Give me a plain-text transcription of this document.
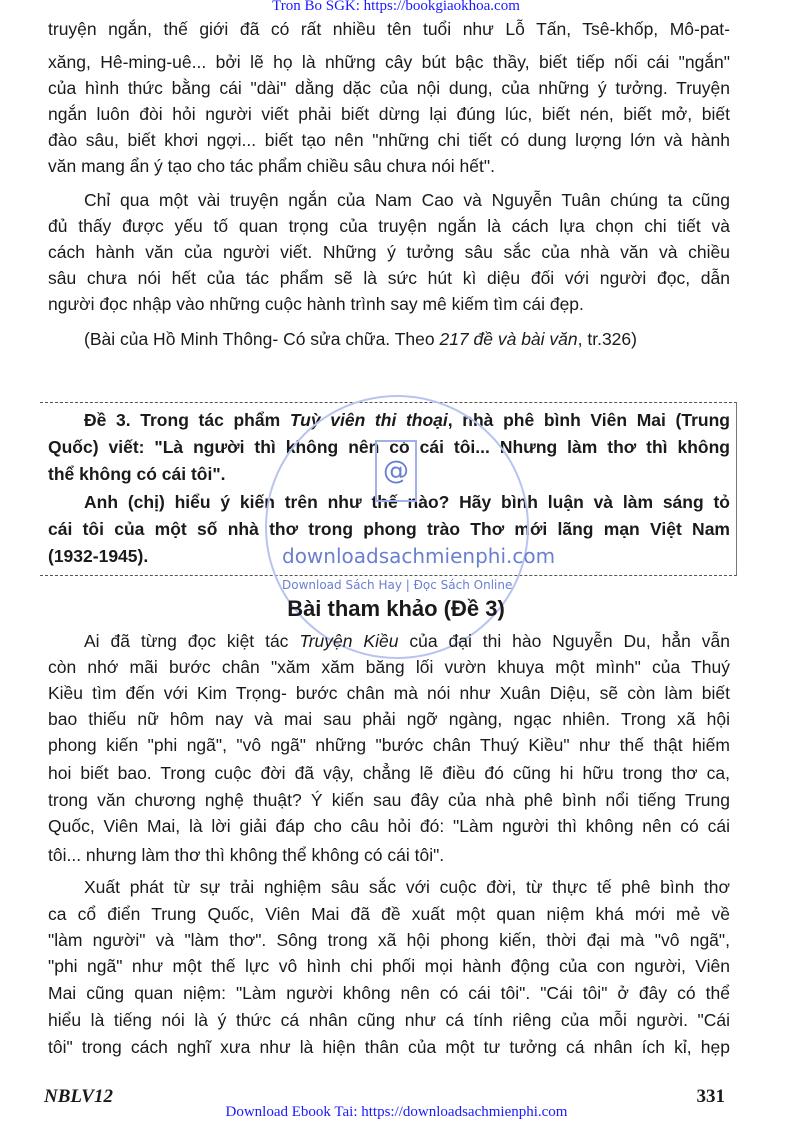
Tron Bo SGK: https://bookgiaokhoa.com
truyện ngắn, thế giới đã có rất nhiều tên tuổi như Lỗ Tấn, Tsê-khốp, Mô-pat-
xăng, Hê-ming-uê... bởi lẽ họ là những cây bút bậc thầy, biết tiếp nối cái "ngắn"
của hình thức bằng cái "dài" dằng dặc của nội dung, của những ý tưởng. Truyện
ngắn luôn đòi hỏi người viết phải biết dừng lại đúng lúc, biết nén, biết mở, biết
đào sâu, biết khơi ngợi... biết tạo nên "những chi tiết có dung lượng lớn và hành
văn mang ẩn ý tạo cho tác phẩm chiều sâu chưa nói hết".
Chỉ qua một vài truyện ngắn của Nam Cao và Nguyễn Tuân chúng ta cũng
đủ thấy được yếu tố quan trọng của truyện ngắn là cách lựa chọn chi tiết và
cách hành văn của người viết. Những ý tưởng sâu sắc của nhà văn và chiều
sâu chưa nói hết của tác phẩm sẽ là sức hút kì diệu đối với người đọc, dẫn
người đọc nhập vào những cuộc hành trình say mê kiếm tìm cái đẹp.
(Bài của Hồ Minh Thông- Có sửa chữa. Theo 217 đề và bài văn, tr.326)
Đề 3. Trong tác phẩm Tuỳ viên thi thoại, nhà phê bình Viên Mai (Trung
Quốc) viết: "Là người thì không nên có cái tôi... Nhưng làm thơ thì không
thể không có cái tôi".
Anh (chị) hiểu ý kiến trên như thế nào? Hãy bình luận và làm sáng tỏ
cái tôi của một số nhà thơ trong phong trào Thơ mới lãng mạn Việt Nam
(1932-1945).
@
downloadsachmienphi.com
Download Sách Hay | Đọc Sách Online
Bài tham khảo (Đề 3)
Ai đã từng đọc kiệt tác Truyện Kiều của đại thi hào Nguyễn Du, hẳn vẫn
còn nhớ mãi bước chân "xăm xăm băng lối vườn khuya một mình" của Thuý
Kiều tìm đến với Kim Trọng- bước chân mà nói như Xuân Diệu, sẽ còn làm biết
bao thiếu nữ hôm nay và mai sau phải ngỡ ngàng, ngạc nhiên. Trong xã hội
phong kiến "phi ngã", "vô ngã" những "bước chân Thuý Kiều" như thế thật hiếm
hoi biết bao. Trong cuộc đời đã vậy, chẳng lẽ điều đó cũng hi hữu trong thơ ca,
trong văn chương nghệ thuật? Ý kiến sau đây của nhà phê bình nổi tiếng Trung
Quốc, Viên Mai, là lời giải đáp cho câu hỏi đó: "Làm người thì không nên có cái
tôi... nhưng làm thơ thì không thể không có cái tôi".
Xuất phát từ sự trải nghiệm sâu sắc với cuộc đời, từ thực tế phê bình thơ
ca cổ điển Trung Quốc, Viên Mai đã đề xuất một quan niệm khá mới mẻ về
"làm người" và "làm thơ". Sông trong xã hội phong kiến, thời đại mà "vô ngã",
"phi ngã" như một thế lực vô hình chi phối mọi hành động của con người, Viên
Mai cũng quan niệm: "Làm người không nên có cái tôi". "Cái tôi" ở đây có thể
hiểu là tiếng nói là ý thức cá nhân cũng như cá tính riêng của mỗi người. "Cái
tôi" trong cách nghĩ xưa như là hiện thân của một tư tưởng cá nhân ích kỉ, hẹp
NBLV12	331
Download Ebook Tai: https://downloadsachmienphi.com
